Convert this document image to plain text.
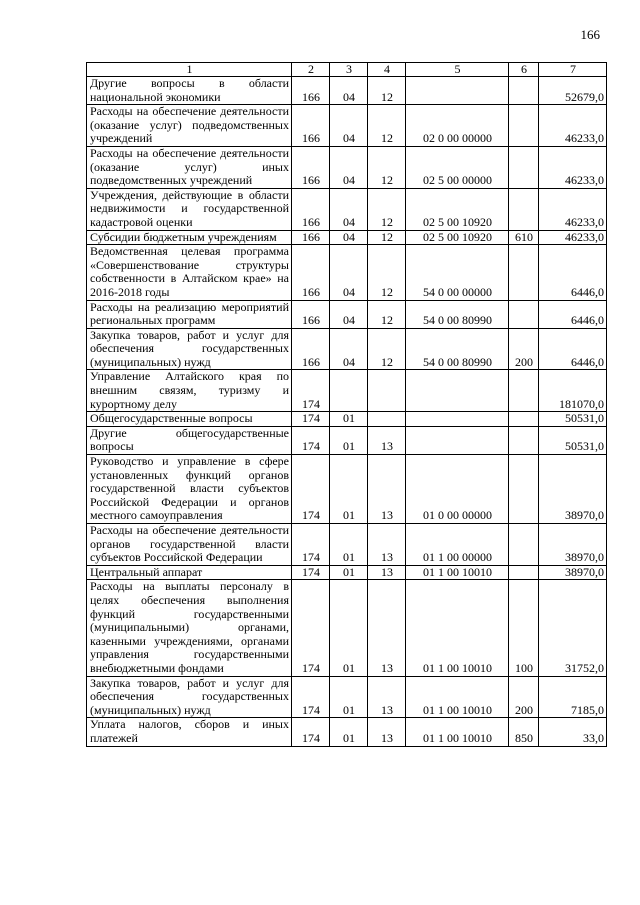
166
1	2	3	4	5	6	7
Другие вопросы в области национальной экономики	166	04	12			52679,0
Расходы на обеспечение деятельности (оказание услуг) подведомственных учреждений	166	04	12	02 0 00 00000		46233,0
Расходы на обеспечение деятельности (оказание услуг) иных подведомственных учреждений	166	04	12	02 5 00 00000		46233,0
Учреждения, действующие в области недвижимости и государственной кадастровой оценки	166	04	12	02 5 00 10920		46233,0
Субсидии бюджетным учреждениям	166	04	12	02 5 00 10920	610	46233,0
Ведомственная целевая программа «Совершенствование структуры собственности в Алтайском крае» на 2016-2018 годы	166	04	12	54 0 00 00000		6446,0
Расходы на реализацию мероприятий региональных программ	166	04	12	54 0 00 80990		6446,0
Закупка товаров, работ и услуг для обеспечения государственных (муниципальных) нужд	166	04	12	54 0 00 80990	200	6446,0
Управление Алтайского края по внешним связям, туризму и курортному делу	174					181070,0
Общегосударственные вопросы	174	01				50531,0
Другие общегосударственные вопросы	174	01	13			50531,0
Руководство и управление в сфере установленных функций органов государственной власти субъектов Российской Федерации и органов местного самоуправления	174	01	13	01 0 00 00000		38970,0
Расходы на обеспечение деятельности органов государственной власти субъектов Российской Федерации	174	01	13	01 1 00 00000		38970,0
Центральный аппарат	174	01	13	01 1 00 10010		38970,0
Расходы на выплаты персоналу в целях обеспечения выполнения функций государственными (муниципальными) органами, казенными учреждениями, органами управления государственными внебюджетными фондами	174	01	13	01 1 00 10010	100	31752,0
Закупка товаров, работ и услуг для обеспечения государственных (муниципальных) нужд	174	01	13	01 1 00 10010	200	7185,0
Уплата налогов, сборов и иных платежей	174	01	13	01 1 00 10010	850	33,0
